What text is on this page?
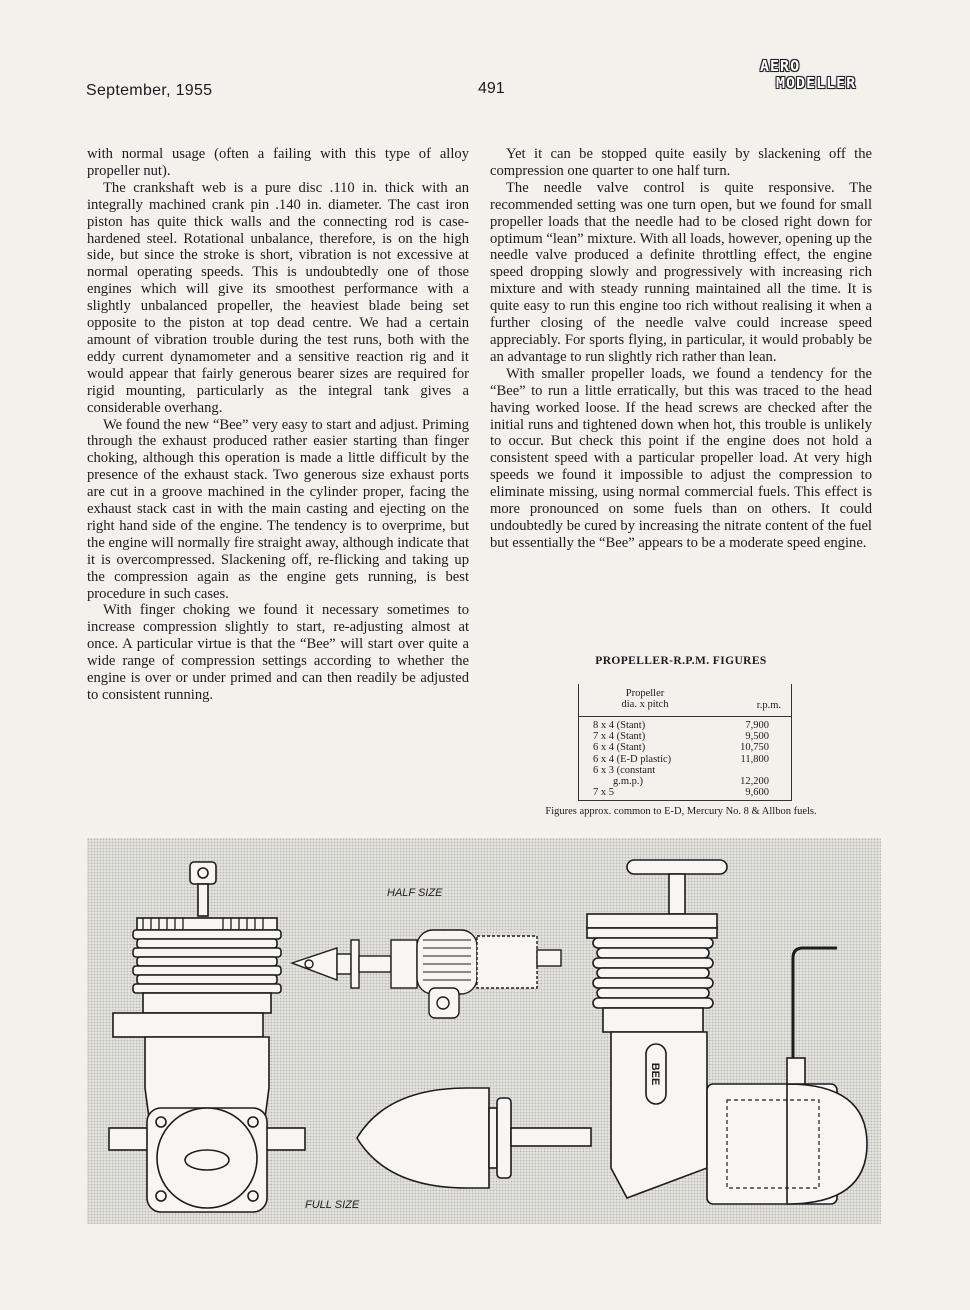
September, 1955	491
AERO
MODELLER

with normal usage (often a failing with this type of alloy propeller nut).

The crankshaft web is a pure disc .110 in. thick with an integrally machined crank pin .140 in. diameter. The cast iron piston has quite thick walls and the connecting rod is case-hardened steel. Rotational unbalance, therefore, is on the high side, but since the stroke is short, vibration is not excessive at normal operating speeds. This is undoubtedly one of those engines which will give its smoothest performance with a slightly unbalanced propeller, the heaviest blade being set opposite to the piston at top dead centre. We had a certain amount of vibration trouble during the test runs, both with the eddy current dynamometer and a sensitive reaction rig and it would appear that fairly generous bearer sizes are required for rigid mounting, particularly as the integral tank gives a considerable overhang.

We found the new “Bee” very easy to start and adjust. Priming through the exhaust produced rather easier starting than finger choking, although this operation is made a little difficult by the presence of the exhaust stack. Two generous size exhaust ports are cut in a groove machined in the cylinder proper, facing the exhaust stack cast in with the main casting and ejecting on the right hand side of the engine. The tendency is to overprime, but the engine will normally fire straight away, although indicate that it is overcompressed. Slackening off, re-flicking and taking up the compression again as the engine gets running, is best procedure in such cases.

With finger choking we found it necessary sometimes to increase compression slightly to start, re-adjusting almost at once. A particular virtue is that the “Bee” will start over quite a wide range of compression settings according to whether the engine is over or under primed and can then readily be adjusted to consistent running.

Yet it can be stopped quite easily by slackening off the compression one quarter to one half turn.

The needle valve control is quite responsive. The recommended setting was one turn open, but we found for small propeller loads that the needle had to be closed right down for optimum “lean” mixture. With all loads, however, opening up the needle valve produced a definite throttling effect, the engine speed dropping slowly and progressively with increasing rich mixture and with steady running maintained all the time. It is quite easy to run this engine too rich without realising it when a further closing of the needle valve could increase speed appreciably. For sports flying, in particular, it would probably be an advantage to run slightly rich rather than lean.

With smaller propeller loads, we found a tendency for the “Bee” to run a little erratically, but this was traced to the head having worked loose. If the head screws are checked after the initial runs and tightened down when hot, this trouble is unlikely to occur. But check this point if the engine does not hold a consistent speed with a particular propeller load. At very high speeds we found it impossible to adjust the compression to eliminate missing, using normal commercial fuels. This effect is more pronounced on some fuels than on others. It could undoubtedly be cured by increasing the nitrate content of the fuel but essentially the “Bee” appears to be a moderate speed engine.

PROPELLER-R.P.M. FIGURES
Propeller
dia. x pitch	r.p.m.
8 x 4 (Stant)	7,900
7 x 4 (Stant)	9,500
6 x 4 (Stant)	10,750
6 x 4 (E-D plastic)	11,800
6 x 3 (constant
g.m.p.)	12,200
7 x 5	9,600
Figures approx. common to E-D, Mercury No. 8 & Allbon fuels.
HALF SIZE
FULL SIZE
BEE
